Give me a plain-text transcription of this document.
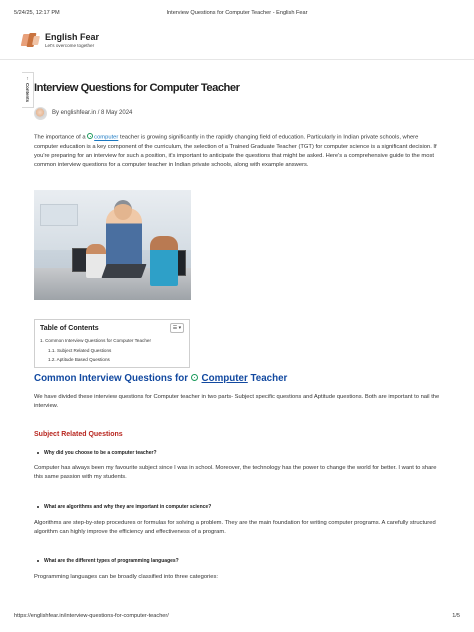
5/24/25, 12:17 PM	Interview Questions for Computer Teacher - English Fear
English Fear
Let's overcome together
↑
Contents Interview Questions for Computer Teacher
By englishfear.in / 8 May 2024

The importance of a computer teacher is growing significantly in the rapidly changing field of education. Particularly in Indian private schools, where computer education is a key component of the curriculum, the selection of a Trained Graduate Teacher (TGT) for computer science is a significant decision. If you're preparing for an interview for such a position, it's important to anticipate the questions that might be asked. Here's a comprehensive guide to the most common interview questions for a computer teacher in Indian private schools, along with example answers.

Table of Contents	☰ ▾
1. Common Interview Questions for Computer Teacher
1.1. Subject Related Questions
1.2. Aptitude Based Questions
Common Interview Questions for  Computer Teacher

We have divided these interview questions for Computer teacher in two parts- Subject specific questions and Aptitude questions. Both are important to nail the interview.

Subject Related Questions
Why did you choose to be a computer teacher?

Computer has always been my favourite subject since I was in school. Moreover, the technology has the power to change the world for better. I want to share this same passion with my students.

What are algorithms and why they are important in computer science?

Algorithms are step-by-step procedures or formulas for solving a problem. They are the main foundation for writing computer programs. A carefully structured algorithm can highly improve the efficiency and effectiveness of a program.

What are the different types of programming languages?

Programming languages can be broadly classified into three categories:

https://englishfear.in/interview-questions-for-computer-teacher/	1/5
